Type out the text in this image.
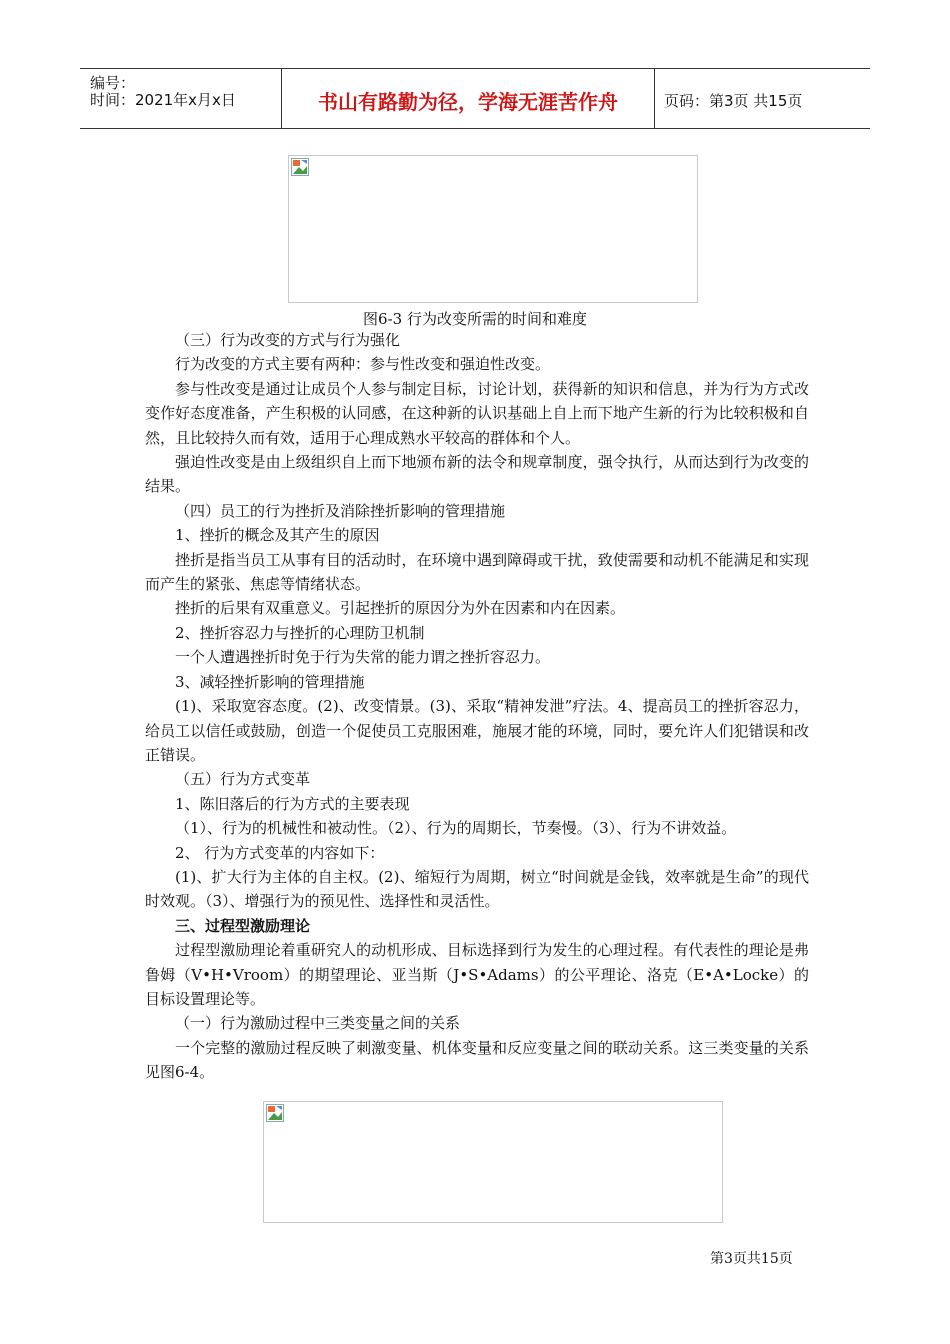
编号：
时间：2021年x月x日	书山有路勤为径，学海无涯苦作舟	页码：第3页 共15页
图6-3 行为改变所需的时间和难度

（三）行为改变的方式与行为强化

行为改变的方式主要有两种：参与性改变和强迫性改变。

参与性改变是通过让成员个人参与制定目标，讨论计划，获得新的知识和信息，并为行为方式改变作好态度准备，产生积极的认同感，在这种新的认识基础上自上而下地产生新的行为比较积极和自然，且比较持久而有效，适用于心理成熟水平较高的群体和个人。

强迫性改变是由上级组织自上而下地颁布新的法令和规章制度，强令执行，从而达到行为改变的结果。

（四）员工的行为挫折及消除挫折影响的管理措施

1、挫折的概念及其产生的原因

挫折是指当员工从事有目的活动时，在环境中遇到障碍或干扰，致使需要和动机不能满足和实现而产生的紧张、焦虑等情绪状态。

挫折的后果有双重意义。引起挫折的原因分为外在因素和内在因素。

2、挫折容忍力与挫折的心理防卫机制

一个人遭遇挫折时免于行为失常的能力谓之挫折容忍力。

3、减轻挫折影响的管理措施

(1)、采取宽容态度。(2)、改变情景。(3)、采取“精神发泄”疗法。4、提高员工的挫折容忍力，给员工以信任或鼓励，创造一个促使员工克服困难，施展才能的环境，同时，要允许人们犯错误和改正错误。

（五）行为方式变革

1、陈旧落后的行为方式的主要表现

（1）、行为的机械性和被动性。（2）、行为的周期长，节奏慢。（3）、行为不讲效益。

2、 行为方式变革的内容如下：

(1)、扩大行为主体的自主权。(2)、缩短行为周期，树立“时间就是金钱，效率就是生命”的现代时效观。（3）、增强行为的预见性、选择性和灵活性。

三、过程型激励理论

过程型激励理论着重研究人的动机形成、目标选择到行为发生的心理过程。有代表性的理论是弗鲁姆（V•H•Vroom）的期望理论、亚当斯（J•S•Adams）的公平理论、洛克（E•A•Locke）的目标设置理论等。

（一）行为激励过程中三类变量之间的关系

一个完整的激励过程反映了刺激变量、机体变量和反应变量之间的联动关系。这三类变量的关系见图6-4。

第3页共15页
